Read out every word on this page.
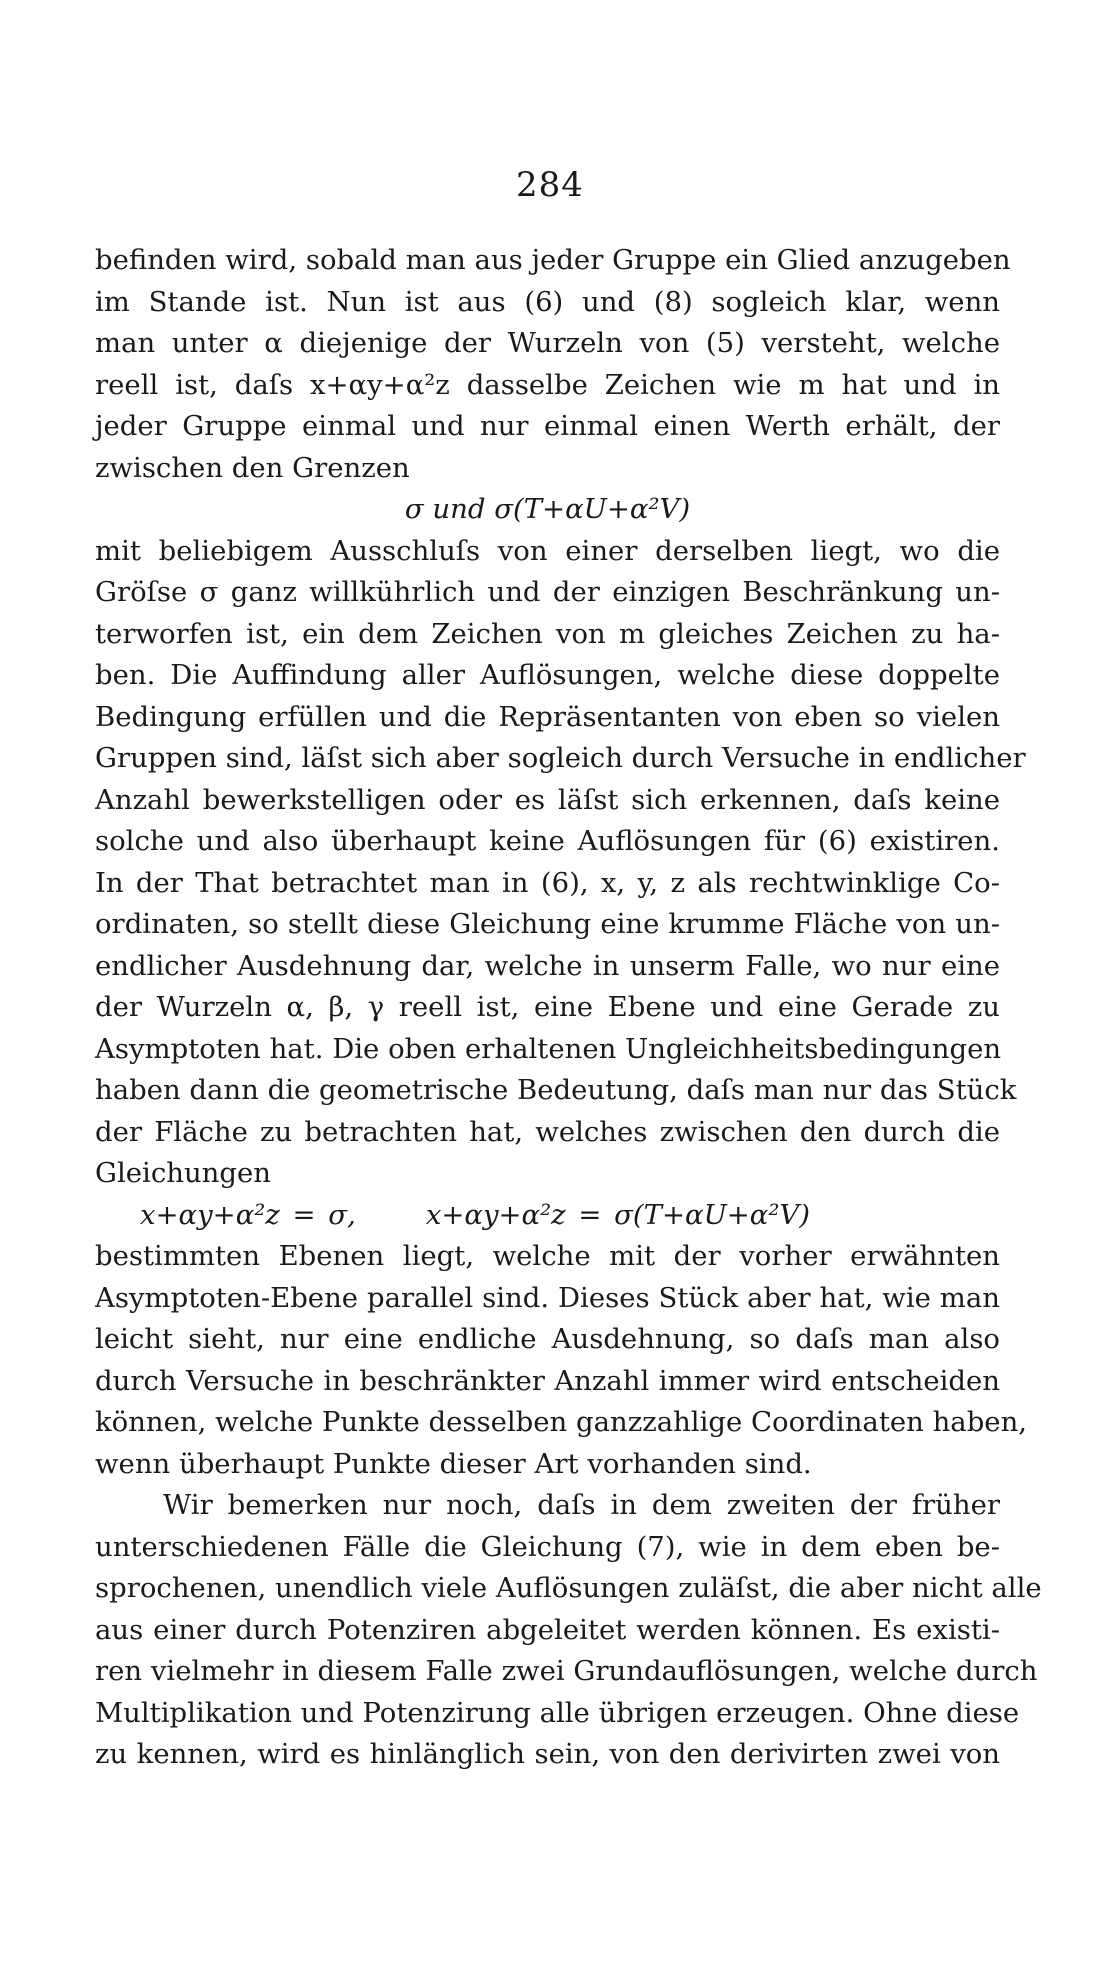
284
befinden wird, sobald man aus jeder Gruppe ein Glied anzugeben
im Stande ist. Nun ist aus (6) und (8) sogleich klar, wenn
man unter α diejenige der Wurzeln von (5) versteht, welche
reell ist, daſs x+αy+α²z dasselbe Zeichen wie m hat und in
jeder Gruppe einmal und nur einmal einen Werth erhält, der
zwischen den Grenzen
σ und σ(T+αU+α²V)
mit beliebigem Ausschluſs von einer derselben liegt, wo die
Gröſse σ ganz willkührlich und der einzigen Beschränkung un-
terworfen ist, ein dem Zeichen von m gleiches Zeichen zu ha-
ben. Die Auffindung aller Auflösungen, welche diese doppelte
Bedingung erfüllen und die Repräsentanten von eben so vielen
Gruppen sind, läſst sich aber sogleich durch Versuche in endlicher
Anzahl bewerkstelligen oder es läſst sich erkennen, daſs keine
solche und also überhaupt keine Auflösungen für (6) existiren.
In der That betrachtet man in (6), x, y, z als rechtwinklige Co-
ordinaten, so stellt diese Gleichung eine krumme Fläche von un-
endlicher Ausdehnung dar, welche in unserm Falle, wo nur eine
der Wurzeln α, β, γ reell ist, eine Ebene und eine Gerade zu
Asymptoten hat. Die oben erhaltenen Ungleichheitsbedingungen
haben dann die geometrische Bedeutung, daſs man nur das Stück
der Fläche zu betrachten hat, welches zwischen den durch die
Gleichungen
x+αy+α²z = σ,	x+αy+α²z = σ(T+αU+α²V)
bestimmten Ebenen liegt, welche mit der vorher erwähnten
Asymptoten-Ebene parallel sind. Dieses Stück aber hat, wie man
leicht sieht, nur eine endliche Ausdehnung, so daſs man also
durch Versuche in beschränkter Anzahl immer wird entscheiden
können, welche Punkte desselben ganzzahlige Coordinaten haben,
wenn überhaupt Punkte dieser Art vorhanden sind.
Wir bemerken nur noch, daſs in dem zweiten der früher
unterschiedenen Fälle die Gleichung (7), wie in dem eben be-
sprochenen, unendlich viele Auflösungen zuläſst, die aber nicht alle
aus einer durch Potenziren abgeleitet werden können. Es existi-
ren vielmehr in diesem Falle zwei Grundauflösungen, welche durch
Multiplikation und Potenzirung alle übrigen erzeugen. Ohne diese
zu kennen, wird es hinlänglich sein, von den derivirten zwei von
